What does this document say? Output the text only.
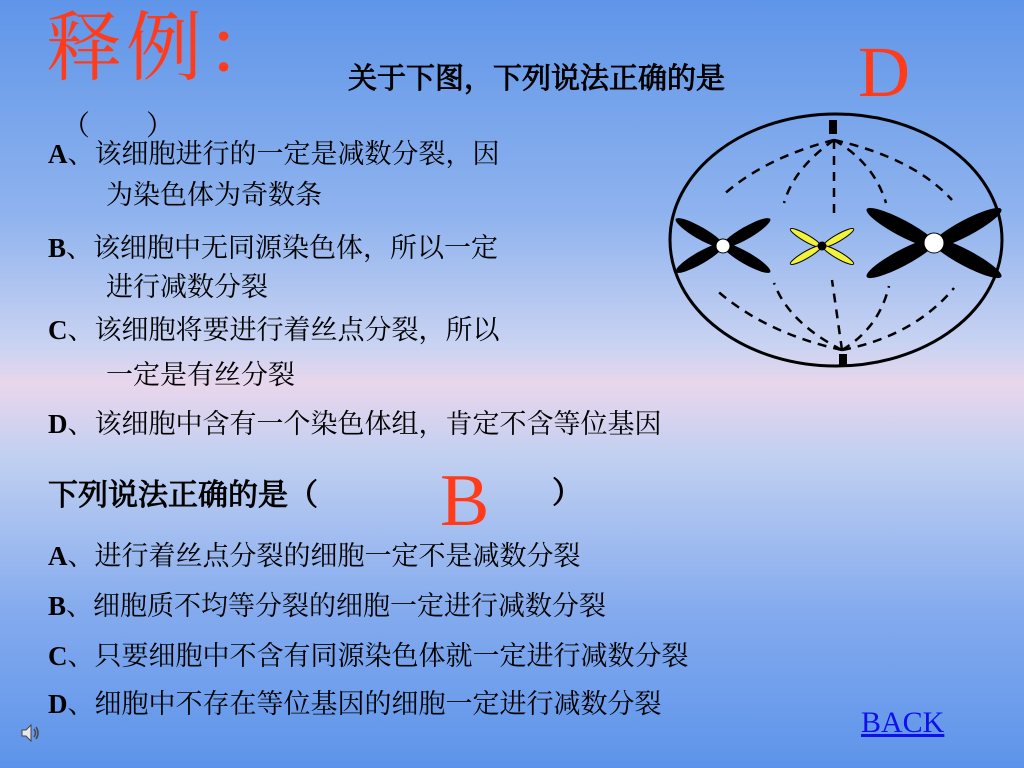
释例： 关于下图，下列说法正确的是
（　　）
D
A、该细胞进行的一定是减数分裂，因
为染色体为奇数条
B、该细胞中无同源染色体，所以一定
进行减数分裂
C、该细胞将要进行着丝点分裂，所以
一定是有丝分裂
D、该细胞中含有一个染色体组，肯定不含等位基因
下列说法正确的是（ B ）
A、进行着丝点分裂的细胞一定不是减数分裂
B、细胞质不均等分裂的细胞一定进行减数分裂
C、只要细胞中不含有同源染色体就一定进行减数分裂
D、细胞中不存在等位基因的细胞一定进行减数分裂
BACK
